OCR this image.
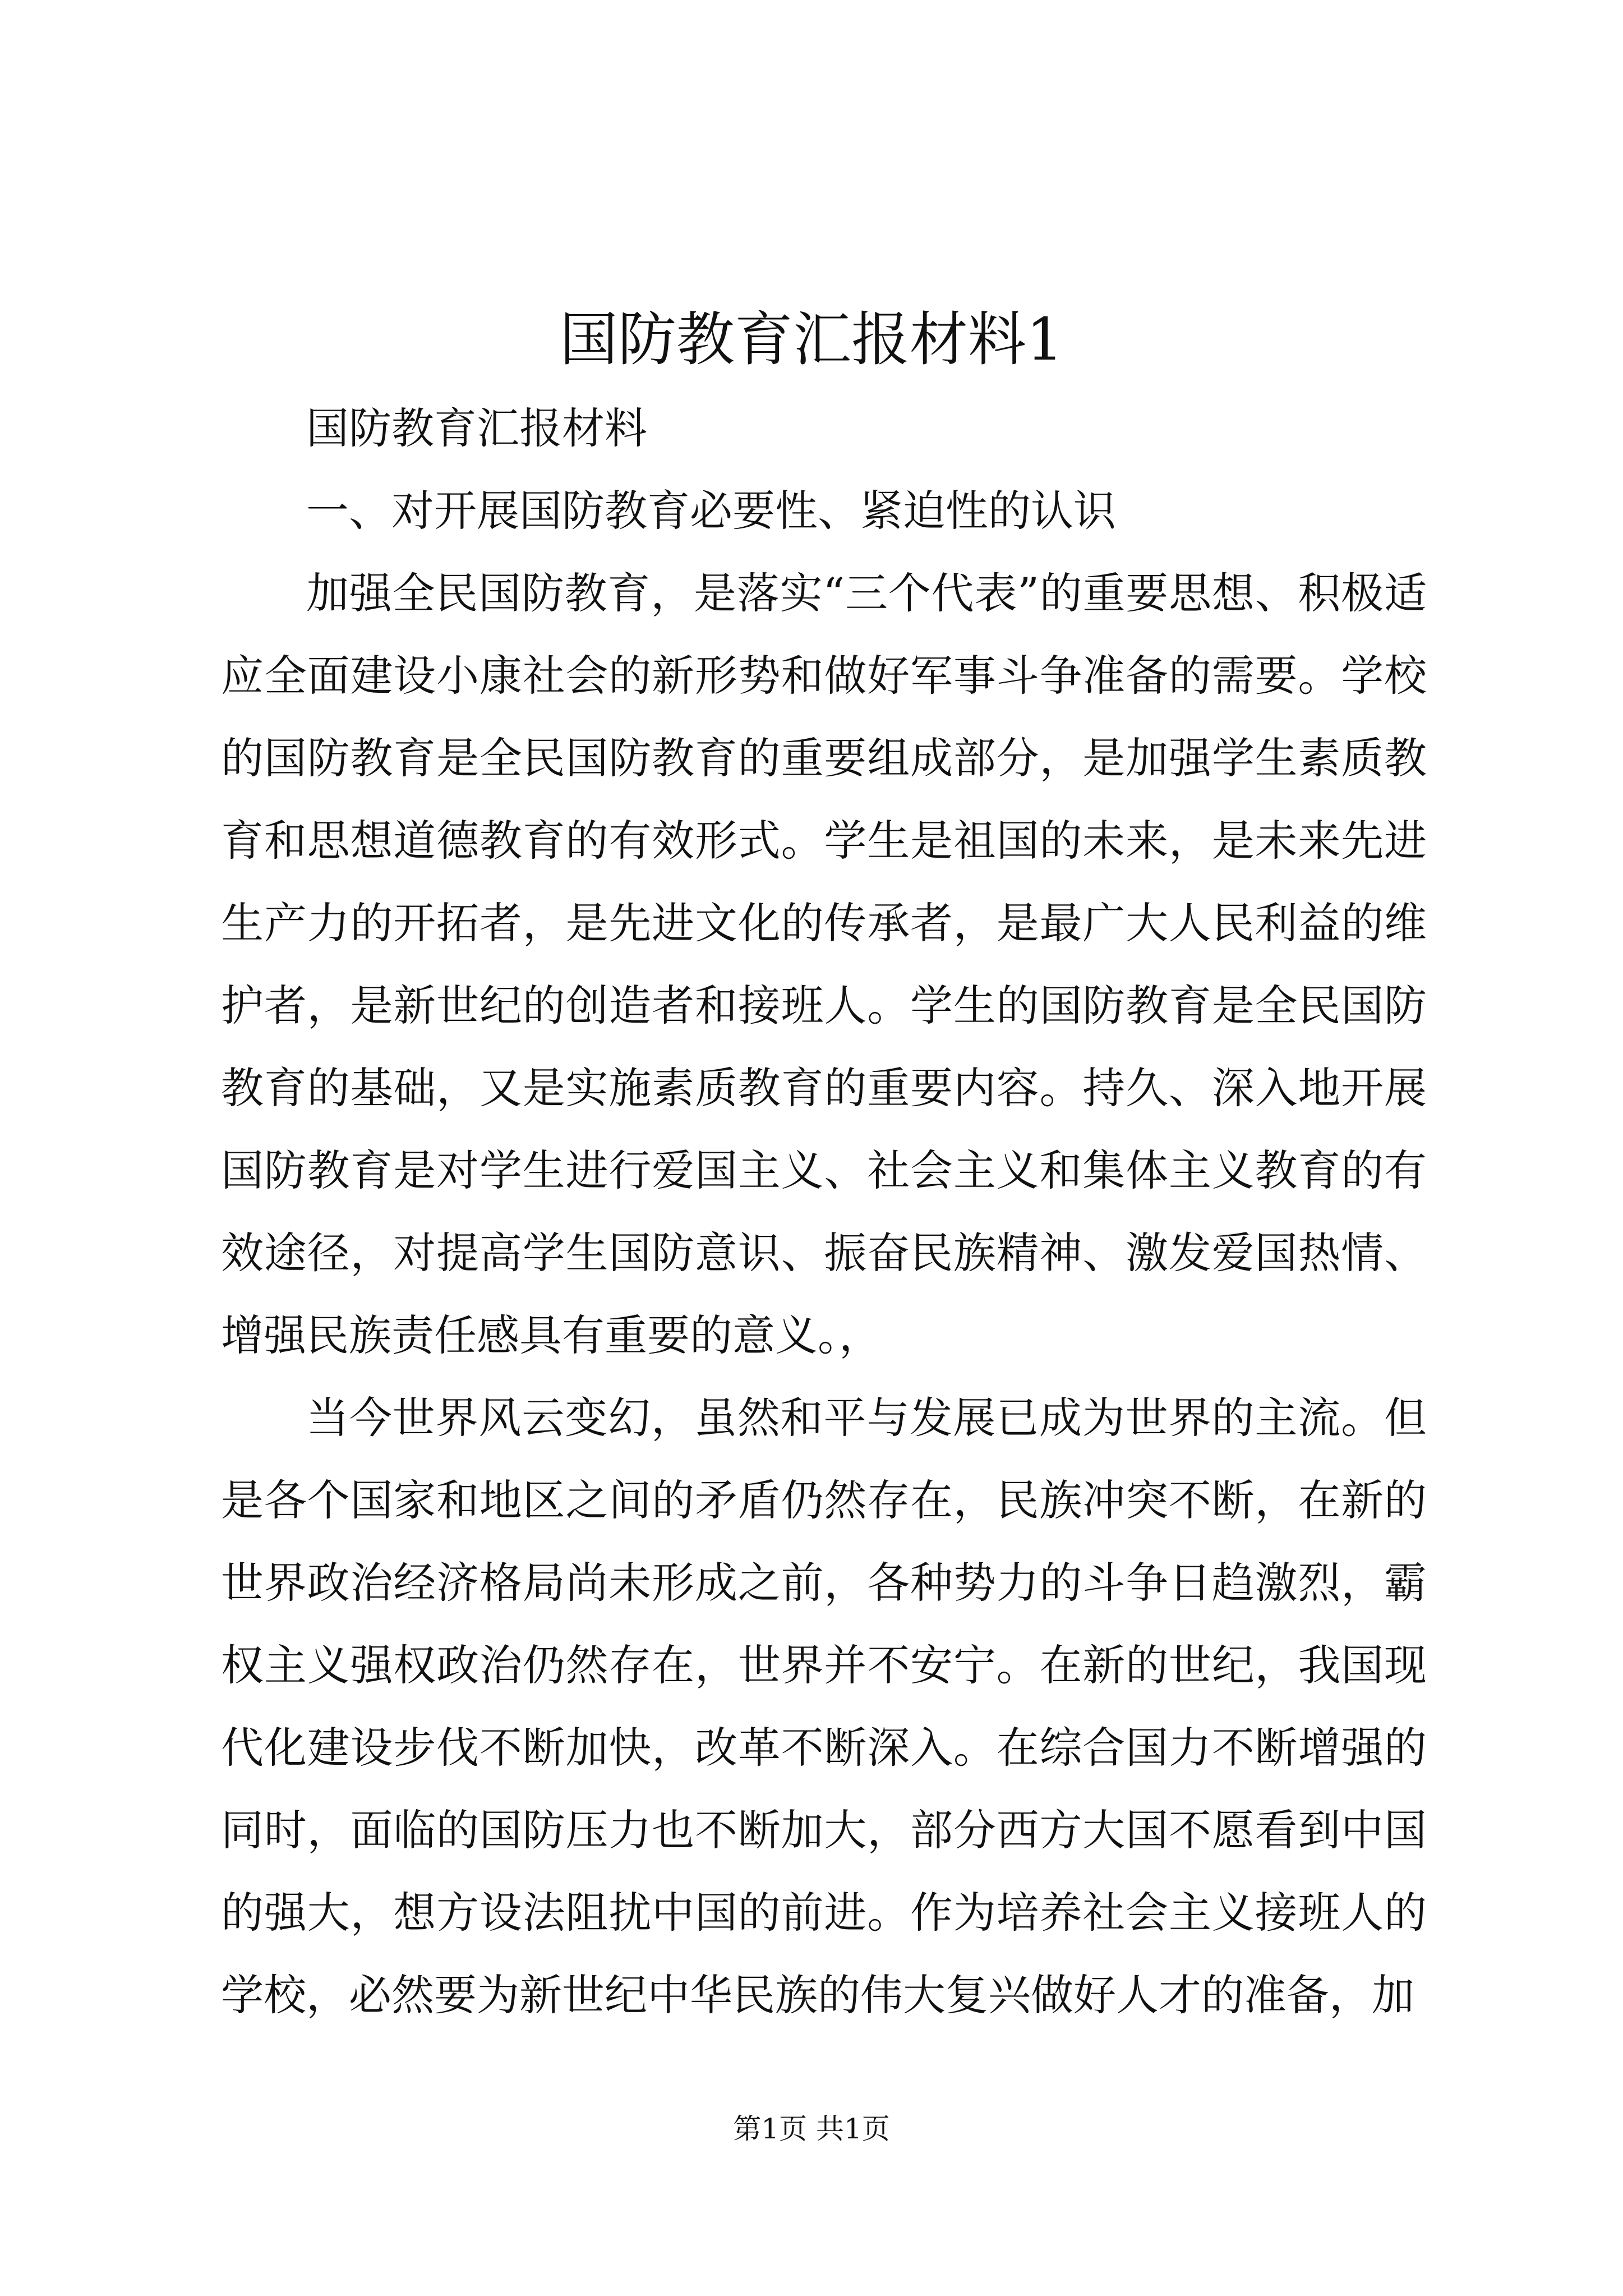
国防教育汇报材料1

国防教育汇报材料

一、对开展国防教育必要性、紧迫性的认识

加强全民国防教育，是落实“三个代表”的重要思想、积极适应全面建设小康社会的新形势和做好军事斗争准备的需要。学校的国防教育是全民国防教育的重要组成部分，是加强学生素质教育和思想道德教育的有效形式。学生是祖国的未来，是未来先进生产力的开拓者，是先进文化的传承者，是最广大人民利益的维护者，是新世纪的创造者和接班人。学生的国防教育是全民国防教育的基础，又是实施素质教育的重要内容。持久、深入地开展国防教育是对学生进行爱国主义、社会主义和集体主义教育的有效途径，对提高学生国防意识、振奋民族精神、激发爱国热情、增强民族责任感具有重要的意义。，

当今世界风云变幻，虽然和平与发展已成为世界的主流。但是各个国家和地区之间的矛盾仍然存在，民族冲突不断，在新的世界政治经济格局尚未形成之前，各种势力的斗争日趋激烈，霸权主义强权政治仍然存在，世界并不安宁。在新的世纪，我国现代化建设步伐不断加快，改革不断深入。在综合国力不断增强的同时，面临的国防压力也不断加大，部分西方大国不愿看到中国的强大，想方设法阻扰中国的前进。作为培养社会主义接班人的学校，必然要为新世纪中华民族的伟大复兴做好人才的准备，加

第1页 共1页
